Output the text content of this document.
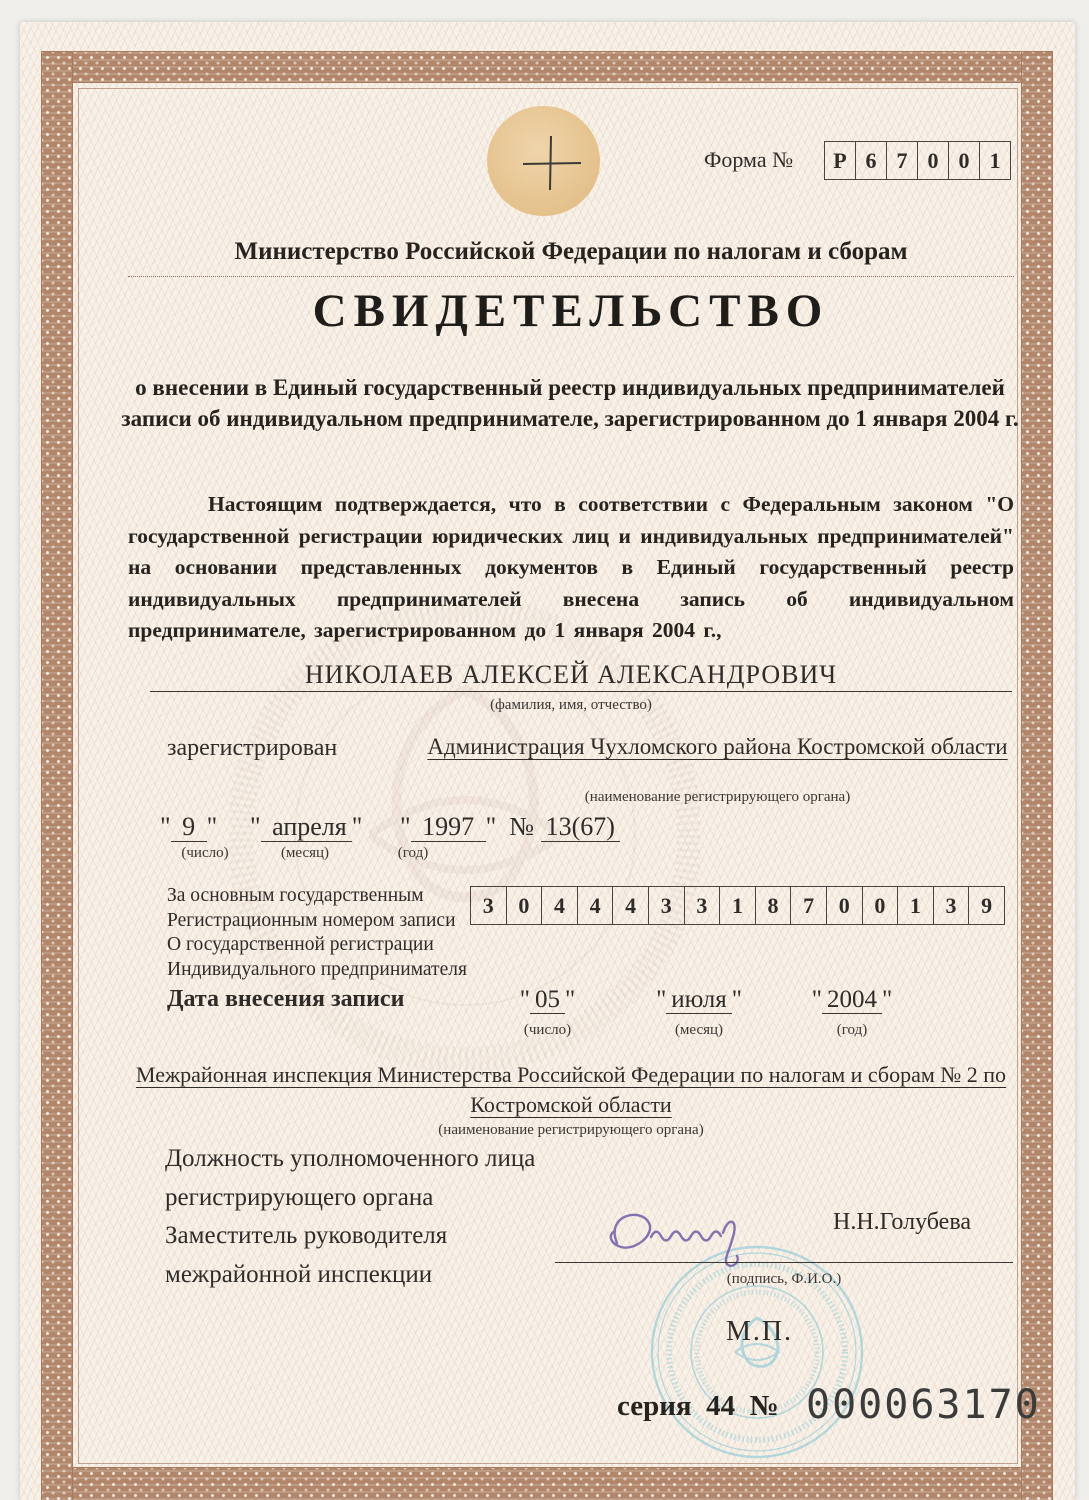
Форма №	Р 6 7 0 0 1
Министерство Российской Федерации по налогам и сборам
СВИДЕТЕЛЬСТВО
о внесении в Единый государственный реестр индивидуальных предпринимателей записи об индивидуальном предпринимателе, зарегистрированном до 1 января 2004 г.
Настоящим подтверждается, что в соответствии с Федеральным законом "О государственной регистрации юридических лиц и индивидуальных предпринимателей" на основании представленных документов в Единый государственный реестр индивидуальных предпринимателей внесена запись об индивидуальном предпринимателе, зарегистрированном до 1 января 2004 г.,
НИКОЛАЕВ АЛЕКСЕЙ АЛЕКСАНДРОВИЧ
(фамилия, имя, отчество)
зарегистрирован	Администрация Чухломского района Костромской области
(наименование регистрирующего органа)
" 9 " " апреля " " 1997 " № 13(67)
(число)	(месяц)	(год)
За основным государственным
Регистрационным номером записи
О государственной регистрации
Индивидуального предпринимателя
3	0	4	4	4	3	3	1	8	7	0	0	1	3	9
Дата внесения записи	" 05 "	" июля "	" 2004 "
(число)	(месяц)	(год)
Межрайонная инспекция Министерства Российской Федерации по налогам и сборам № 2 по Костромской области
(наименование регистрирующего органа)
Должность уполномоченного лица
регистрирующего органа
Заместитель руководителя
межрайонной инспекции
Н.Н.Голубева
(подпись, Ф.И.О.)
М.П.
серия 44 № 000063170
